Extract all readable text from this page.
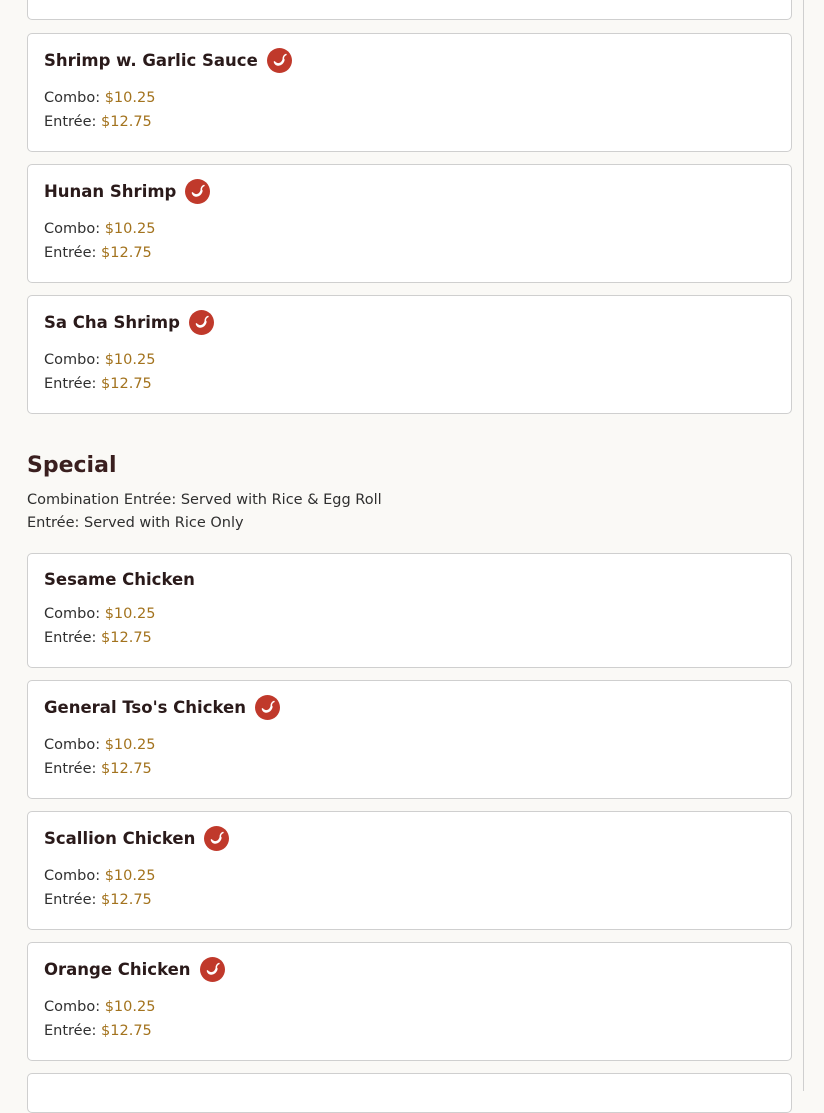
Shrimp w. Garlic Sauce
Combo: $10.25
Entrée: $12.75
Hunan Shrimp
Combo: $10.25
Entrée: $12.75
Sa Cha Shrimp
Combo: $10.25
Entrée: $12.75
Special
Combination Entrée: Served with Rice & Egg Roll
Entrée: Served with Rice Only
Sesame Chicken
Combo: $10.25
Entrée: $12.75
General Tso's Chicken
Combo: $10.25
Entrée: $12.75
Scallion Chicken
Combo: $10.25
Entrée: $12.75
Orange Chicken
Combo: $10.25
Entrée: $12.75
